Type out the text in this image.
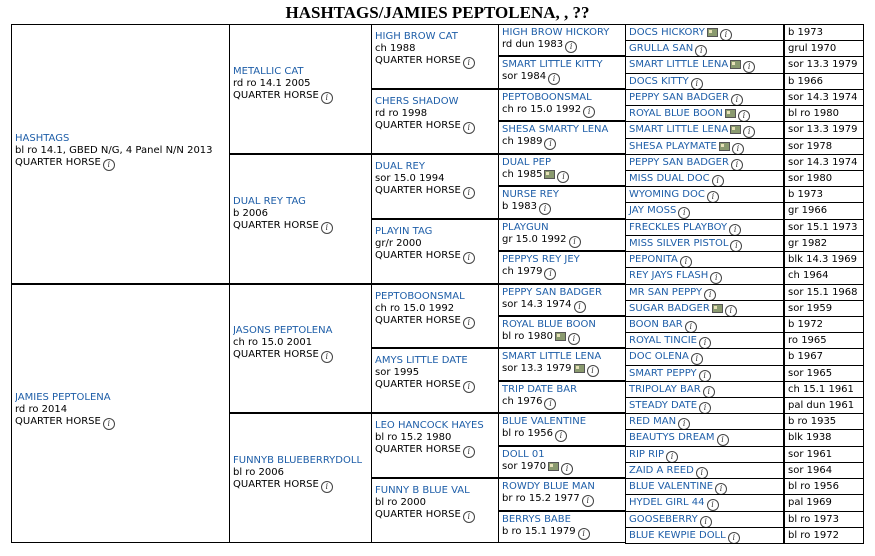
HASHTAGS/JAMIES PEPTOLENA, , ??
HASHTAGS
bl ro 14.1, GBED N/G, 4 Panel N/N 2013
QUARTER HORSE i
JAMIES PEPTOLENA
rd ro 2014
QUARTER HORSE i
METALLIC CAT
rd ro 14.1 2005
QUARTER HORSE i
DUAL REY TAG
b 2006
QUARTER HORSE i
JASONS PEPTOLENA
ch ro 15.0 2001
QUARTER HORSE i
FUNNYB BLUEBERRYDOLL
bl ro 2006
QUARTER HORSE i
HIGH BROW CAT
ch 1988
QUARTER HORSE i
CHERS SHADOW
rd ro 1998
QUARTER HORSE i
DUAL REY
sor 15.0 1994
QUARTER HORSE i
PLAYIN TAG
gr/r 2000
QUARTER HORSE i
PEPTOBOONSMAL
ch ro 15.0 1992
QUARTER HORSE i
AMYS LITTLE DATE
sor 1995
QUARTER HORSE i
LEO HANCOCK HAYES
bl ro 15.2 1980
QUARTER HORSE i
FUNNY B BLUE VAL
bl ro 2000
QUARTER HORSE i
HIGH BROW HICKORY
rd dun 1983 i
SMART LITTLE KITTY
sor 1984 i
PEPTOBOONSMAL
ch ro 15.0 1992 i
SHESA SMARTY LENA
ch 1989 i
DUAL PEP
ch 1985 i
NURSE REY
b 1983 i
PLAYGUN
gr 15.0 1992 i
PEPPYS REY JEY
ch 1979 i
PEPPY SAN BADGER
sor 14.3 1974 i
ROYAL BLUE BOON
bl ro 1980 i
SMART LITTLE LENA
sor 13.3 1979 i
TRIP DATE BAR
ch 1976 i
BLUE VALENTINE
bl ro 1956 i
DOLL 01
sor 1970 i
ROWDY BLUE MAN
br ro 15.2 1977 i
BERRYS BABE
b ro 15.1 1979 i
DOCS HICKORY i	b 1973
GRULLA SAN i	grul 1970
SMART LITTLE LENA i	sor 13.3 1979
DOCS KITTY i	b 1966
PEPPY SAN BADGER i	sor 14.3 1974
ROYAL BLUE BOON i	bl ro 1980
SMART LITTLE LENA i	sor 13.3 1979
SHESA PLAYMATE i	sor 1978
PEPPY SAN BADGER i	sor 14.3 1974
MISS DUAL DOC i	sor 1980
WYOMING DOC i	b 1973
JAY MOSS i	gr 1966
FRECKLES PLAYBOY i	sor 15.1 1973
MISS SILVER PISTOL i	gr 1982
PEPONITA i	blk 14.3 1969
REY JAYS FLASH i	ch 1964
MR SAN PEPPY i	sor 15.1 1968
SUGAR BADGER i	sor 1959
BOON BAR i	b 1972
ROYAL TINCIE i	ro 1965
DOC OLENA i	b 1967
SMART PEPPY i	sor 1965
TRIPOLAY BAR i	ch 15.1 1961
STEADY DATE i	pal dun 1961
RED MAN i	b ro 1935
BEAUTYS DREAM i	blk 1938
RIP RIP i	sor 1961
ZAID A REED i	sor 1964
BLUE VALENTINE i	bl ro 1956
HYDEL GIRL 44 i	pal 1969
GOOSEBERRY i	bl ro 1973
BLUE KEWPIE DOLL i	bl ro 1972
